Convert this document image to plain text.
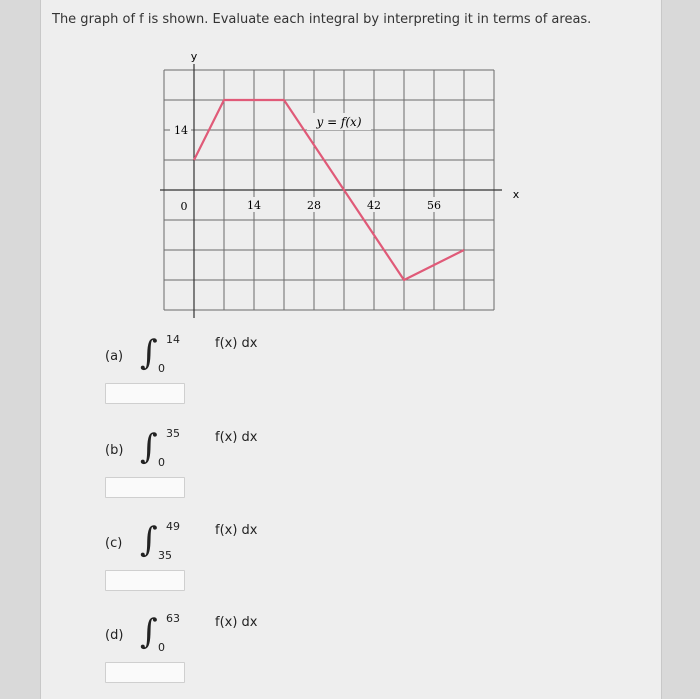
The graph of f is shown. Evaluate each integral by interpreting it in terms of areas.
y
x
0	14	28	42	56
14
y = f(x)
(a) ∫ 14
0
f(x) dx
(b) ∫ 35
0
f(x) dx
(c) ∫ 49
35
f(x) dx
(d) ∫ 63
0
f(x) dx
